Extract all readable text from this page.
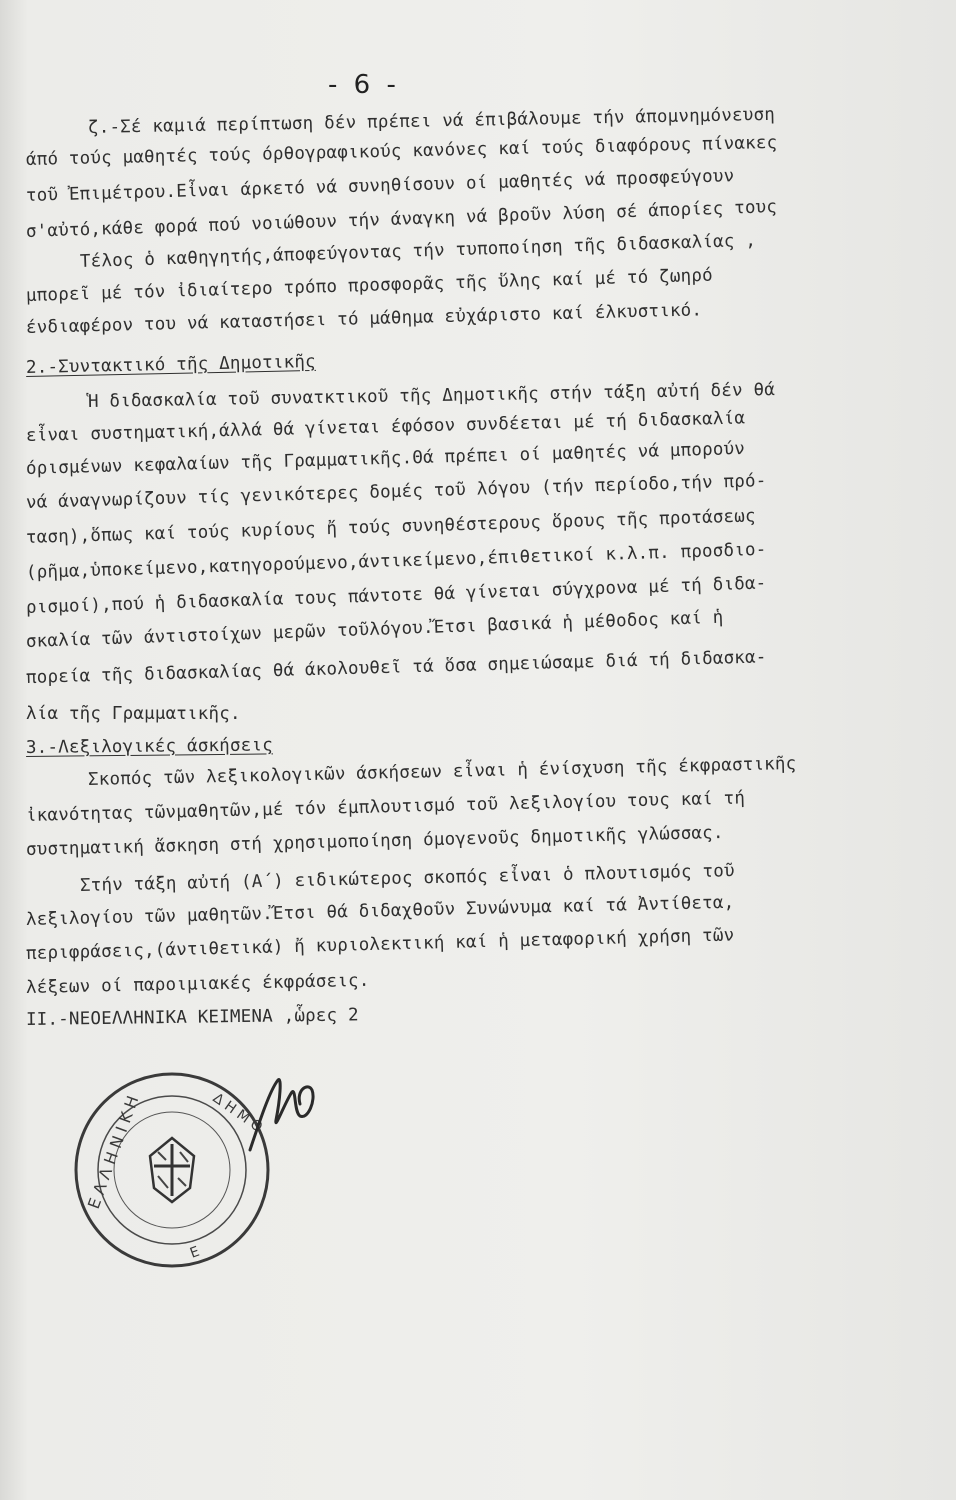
- 6 -
ζ.-Σέ καμιά περίπτωση δέν πρέπει νά έπιβάλουμε τήν άπομνημόνευση
άπό τούς μαθητές τούς όρθογραφικούς κανόνες καί τούς διαφόρους πίνακες
τοῦ Ἐπιμέτρου.Εἶναι άρκετό νά συνηθίσουν οί μαθητές νά προσφεύγουν
σ'αὐτό,κάθε φορά πού νοιώθουν τήν άναγκη νά βροῦν λύση σέ άπορίες τους
Τέλος ὁ καθηγητής,άποφεύγοντας τήν τυποποίηση τῆς διδασκαλίας ,
μπορεῖ μέ τόν ἰδιαίτερο τρόπο προσφορᾶς τῆς ὕλης καί μέ τό ζωηρό
ένδιαφέρον του νά καταστήσει τό μάθημα εὐχάριστο καί έλκυστικό.
2.-Συντακτικό τῆς Δημοτικῆς
Ἡ διδασκαλία τοῦ συνατκτικοῦ τῆς Δημοτικῆς στήν τάξη αὐτή δέν θά
εἶναι συστηματική,άλλά θά γίνεται έφόσον συνδέεται μέ τή διδασκαλία
όρισμένων κεφαλαίων τῆς Γραμματικῆς.Θά πρέπει οί μαθητές νά μπορούν
νά άναγνωρίζουν τίς γενικότερες δομές τοῦ λόγου (τήν περίοδο,τήν πρό-
ταση),ὅπως καί τούς κυρίους ἤ τούς συνηθέστερους ὅρους τῆς προτάσεως
(ρῆμα,ὑποκείμενο,κατηγορούμενο,άντικείμενο,έπιθετικοί κ.λ.π. προσδιο-
ρισμοί),πού ἡ διδασκαλία τους πάντοτε θά γίνεται σύγχρονα μέ τή διδα-
σκαλία τῶν άντιστοίχων μερῶν τοῦλόγου.Ἔτσι βασικά ἡ μέθοδος καί ἡ
πορεία τῆς διδασκαλίας θά άκολουθεῖ τά ὅσα σημειώσαμε διά τή διδασκα-
λία τῆς Γραμματικῆς.
3.-Λεξιλογικές άσκήσεις
Σκοπός τῶν λεξικολογικῶν άσκήσεων εἶναι ἡ ένίσχυση τῆς έκφραστικῆς
ἰκανότητας τῶνμαθητῶν,μέ τόν έμπλουτισμό τοῦ λεξιλογίου τους καί τή
συστηματική ἄσκηση στή χρησιμοποίηση όμογενοῦς δημοτικῆς γλώσσας.
Στήν τάξη αὐτή (Α΄) ειδικώτερος σκοπός εἶναι ὁ πλουτισμός τοῦ
λεξιλογίου τῶν μαθητῶν.Ἔτσι θά διδαχθοῦν Συνώνυμα καί τά Ἀντίθετα,
περιφράσεις,(άντιθετικά) ἤ κυριολεκτική καί ἡ μεταφορική χρήση τῶν
λέξεων οί παροιμιακές έκφράσεις.
ΙΙ.-ΝΕΟΕΛΛΗΝΙΚΑ ΚΕΙΜΕΝΑ ,ὧρες 2
Ε Λ Λ Η Ν Ι Κ Η	Δ Η Μ Ο
Ε
